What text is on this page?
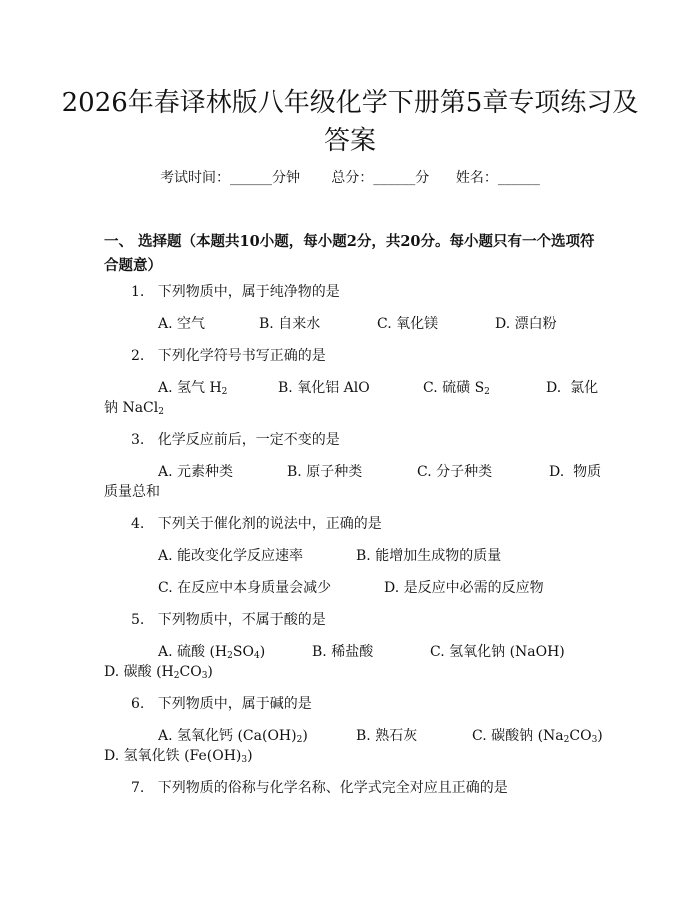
2026年春译林版八年级化学下册第5章专项练习及答案
考试时间：______分钟 总分：______分 姓名：______
一、 选择题（本题共10小题，每小题2分，共20分。每小题只有一个选项符合题意）
1.   下列物质中，属于纯净物的是
A. 空气	B. 自来水	C. 氧化镁	D. 漂白粉
2.   下列化学符号书写正确的是
A. 氢气 $H_2$	B. 氧化铝 AlO	C. 硫磺 $S_2$	D.  氯化
钠 NaCl$_2$
3.   化学反应前后，一定不变的是
A. 元素种类	B. 原子种类	C. 分子种类	D.  物质
质量总和
4.   下列关于催化剂的说法中，正确的是
A. 能改变化学反应速率	B. 能增加生成物的质量
C. 在反应中本身质量会减少	D. 是反应中必需的反应物
5.   下列物质中，不属于酸的是
A. 硫酸 $(H_2SO_4)$	B. 稀盐酸	C. 氢氧化钠 (NaOH)
D. 碳酸 $(H_2CO_3)$
6.   下列物质中，属于碱的是
A. 氢氧化钙 $(Ca(OH)_2)$	B. 熟石灰	C. 碳酸钠 $(Na_2CO_3)$
D. 氢氧化铁 $(Fe(OH)_3)$
7.   下列物质的俗称与化学名称、化学式完全对应且正确的是
